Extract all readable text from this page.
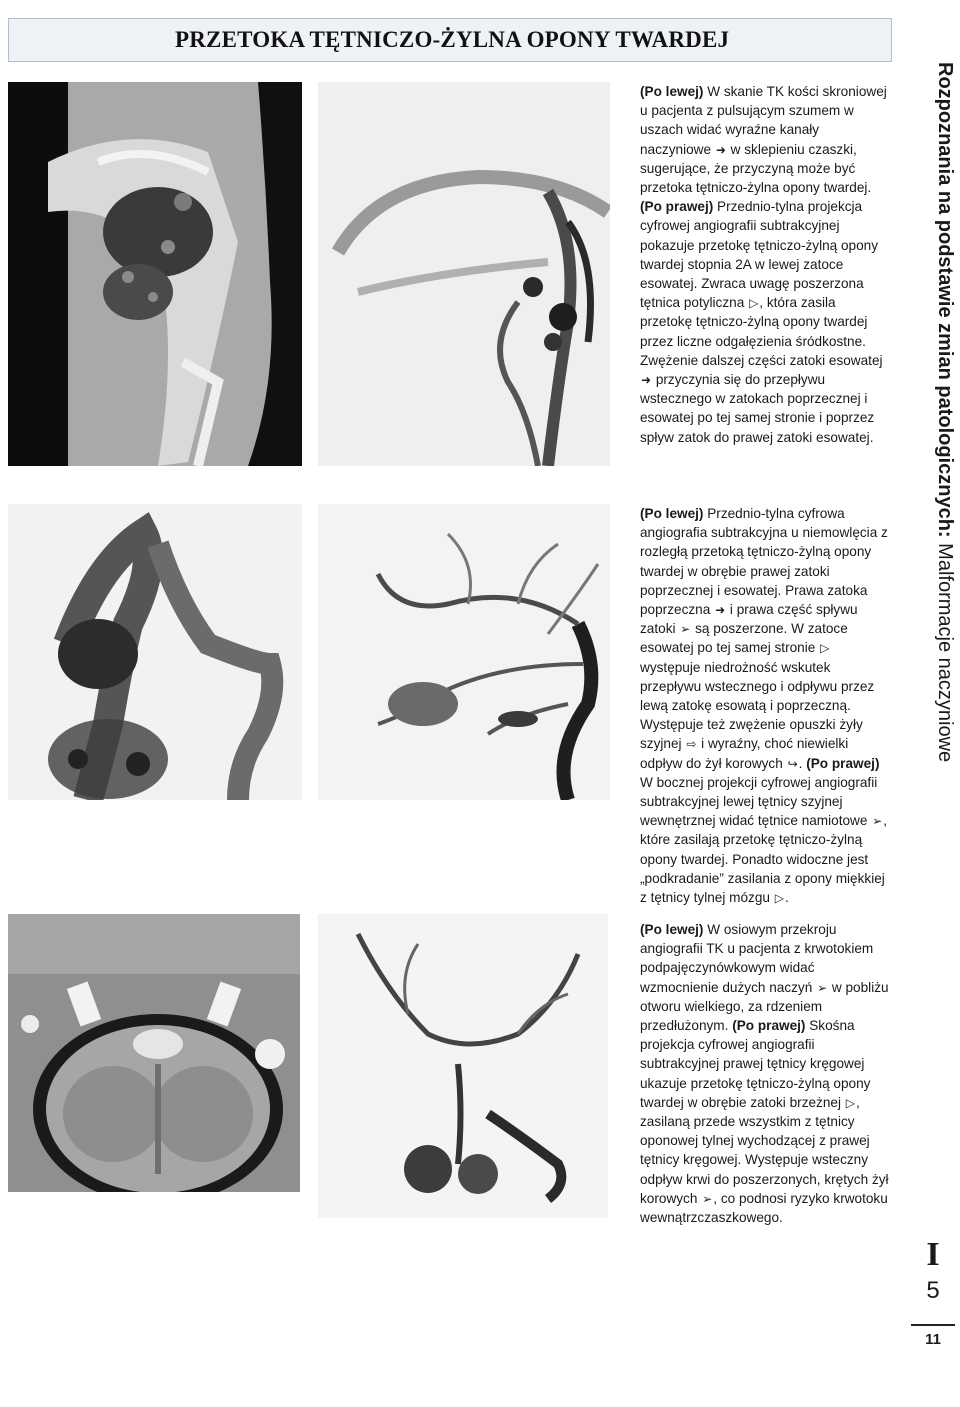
PRZETOKA TĘTNICZO-ŻYLNA OPONY TWARDEJ
Rozpoznania na podstawie zmian patologicznych: Malformacje naczyniowe
I
5
11

(Po lewej) W skanie TK kości skroniowej u pacjenta z pulsującym szumem w uszach widać wyraźne kanały naczyniowe ➜ w sklepieniu czaszki, sugerujące, że przyczyną może być przetoka tętniczo-żylna opony twardej. (Po prawej) Przednio-tylna projekcja cyfrowej angiografii subtrakcyjnej pokazuje przetokę tętniczo-żylną opony twardej stopnia 2A w lewej zatoce esowatej. Zwraca uwagę poszerzona tętnica potyliczna ▷, która zasila przetokę tętniczo-żylną opony twardej przez liczne odgałęzienia śródkostne. Zwężenie dalszej części zatoki esowatej ➜ przyczynia się do przepływu wstecznego w zatokach poprzecznej i esowatej po tej samej stronie i poprzez spływ zatok do prawej zatoki esowatej.

(Po lewej) Przednio-tylna cyfrowa angiografia subtrakcyjna u niemowlęcia z rozległą przetoką tętniczo-żylną opony twardej w obrębie prawej zatoki poprzecznej i esowatej. Prawa zatoka poprzeczna ➜ i prawa część spływu zatoki ➢ są poszerzone. W zatoce esowatej po tej samej stronie ▷ występuje niedrożność wskutek przepływu wstecznego i odpływu przez lewą zatokę esowatą i poprzeczną. Występuje też zwężenie opuszki żyły szyjnej ⇨ i wyraźny, choć niewielki odpływ do żył korowych ↪. (Po prawej) W bocznej projekcji cyfrowej angiografii subtrakcyjnej lewej tętnicy szyjnej wewnętrznej widać tętnice namiotowe ➢, które zasilają przetokę tętniczo-żylną opony twardej. Ponadto widoczne jest „podkradanie” zasilania z opony miękkiej z tętnicy tylnej mózgu ▷.

(Po lewej) W osiowym przekroju angiografii TK u pacjenta z krwotokiem podpajęczynówkowym widać wzmocnienie dużych naczyń ➢ w pobliżu otworu wielkiego, za rdzeniem przedłużonym. (Po prawej) Skośna projekcja cyfrowej angiografii subtrakcyjnej prawej tętnicy kręgowej ukazuje przetokę tętniczo-żylną opony twardej w obrębie zatoki brzeżnej ▷, zasilaną przede wszystkim z tętnicy oponowej tylnej wychodzącej z prawej tętnicy kręgowej. Występuje wsteczny odpływ krwi do poszerzonych, krętych żył korowych ➢, co podnosi ryzyko krwotoku wewnątrzczaszkowego.
